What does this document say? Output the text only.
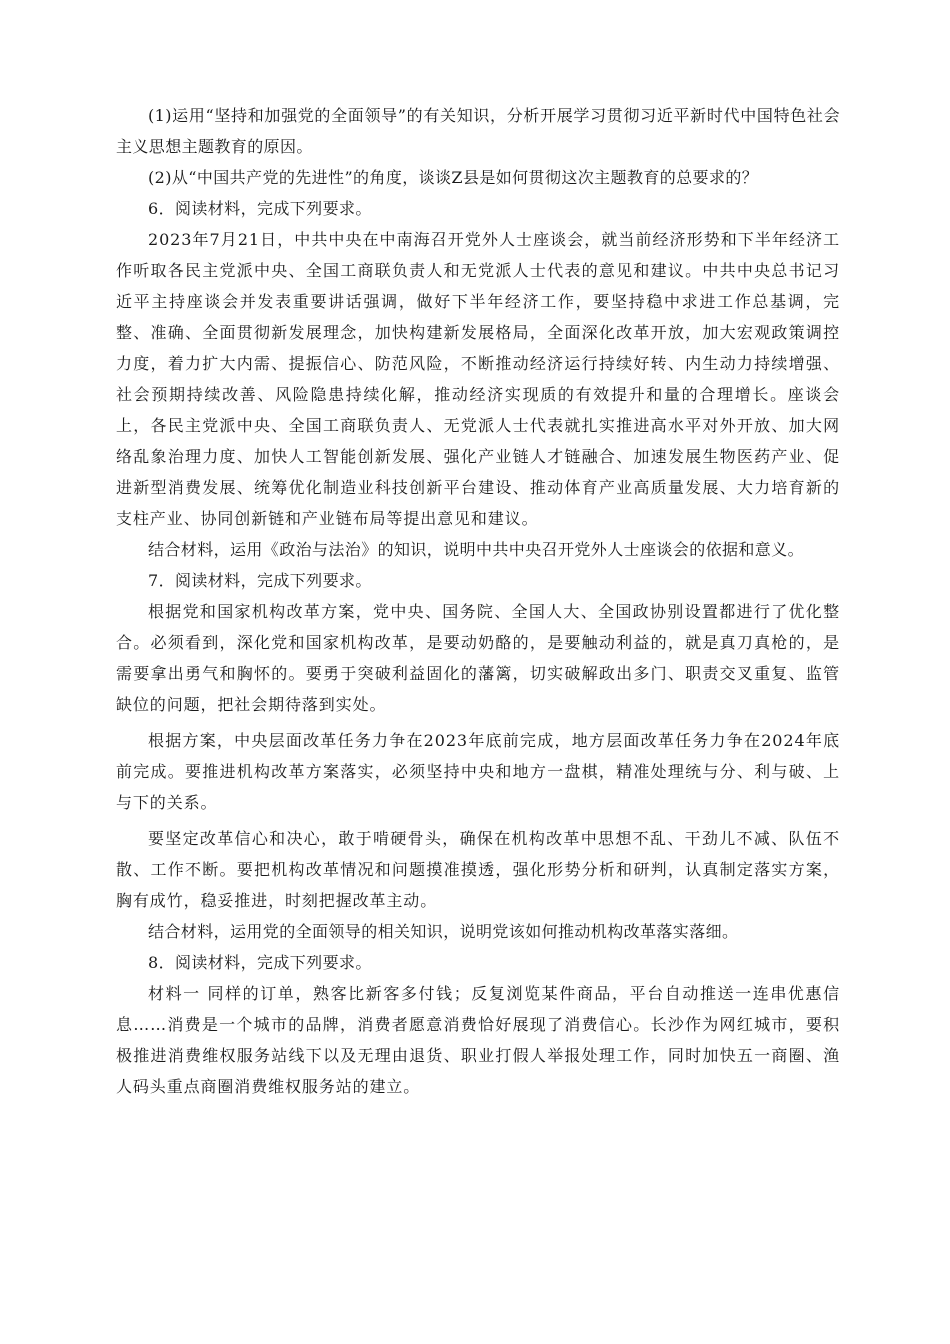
(1)运用“坚持和加强党的全面领导”的有关知识，分析开展学习贯彻习近平新时代中国特色社会主义思想主题教育的原因。

(2)从“中国共产党的先进性”的角度，谈谈Z县是如何贯彻这次主题教育的总要求的？

6．阅读材料，完成下列要求。

2023年7月21日，中共中央在中南海召开党外人士座谈会，就当前经济形势和下半年经济工作听取各民主党派中央、全国工商联负责人和无党派人士代表的意见和建议。中共中央总书记习近平主持座谈会并发表重要讲话强调，做好下半年经济工作，要坚持稳中求进工作总基调，完整、准确、全面贯彻新发展理念，加快构建新发展格局，全面深化改革开放，加大宏观政策调控力度，着力扩大内需、提振信心、防范风险，不断推动经济运行持续好转、内生动力持续增强、社会预期持续改善、风险隐患持续化解，推动经济实现质的有效提升和量的合理增长。座谈会上，各民主党派中央、全国工商联负责人、无党派人士代表就扎实推进高水平对外开放、加大网络乱象治理力度、加快人工智能创新发展、强化产业链人才链融合、加速发展生物医药产业、促进新型消费发展、统筹优化制造业科技创新平台建设、推动体育产业高质量发展、大力培育新的支柱产业、协同创新链和产业链布局等提出意见和建议。

结合材料，运用《政治与法治》的知识，说明中共中央召开党外人士座谈会的依据和意义。

7．阅读材料，完成下列要求。

根据党和国家机构改革方案，党中央、国务院、全国人大、全国政协别设置都进行了优化整合。必须看到，深化党和国家机构改革，是要动奶酪的，是要触动利益的，就是真刀真枪的，是需要拿出勇气和胸怀的。要勇于突破利益固化的藩篱，切实破解政出多门、职责交叉重复、监管缺位的问题，把社会期待落到实处。

根据方案，中央层面改革任务力争在2023年底前完成，地方层面改革任务力争在2024年底前完成。要推进机构改革方案落实，必须坚持中央和地方一盘棋，精准处理统与分、利与破、上与下的关系。

要坚定改革信心和决心，敢于啃硬骨头，确保在机构改革中思想不乱、干劲儿不减、队伍不散、工作不断。要把机构改革情况和问题摸准摸透，强化形势分析和研判，认真制定落实方案，胸有成竹，稳妥推进，时刻把握改革主动。

结合材料，运用党的全面领导的相关知识，说明党该如何推动机构改革落实落细。

8．阅读材料，完成下列要求。

材料一 同样的订单，熟客比新客多付钱；反复浏览某件商品，平台自动推送一连串优惠信息……消费是一个城市的品牌，消费者愿意消费恰好展现了消费信心。长沙作为网红城市，要积极推进消费维权服务站线下以及无理由退货、职业打假人举报处理工作，同时加快五一商圈、渔人码头重点商圈消费维权服务站的建立。
